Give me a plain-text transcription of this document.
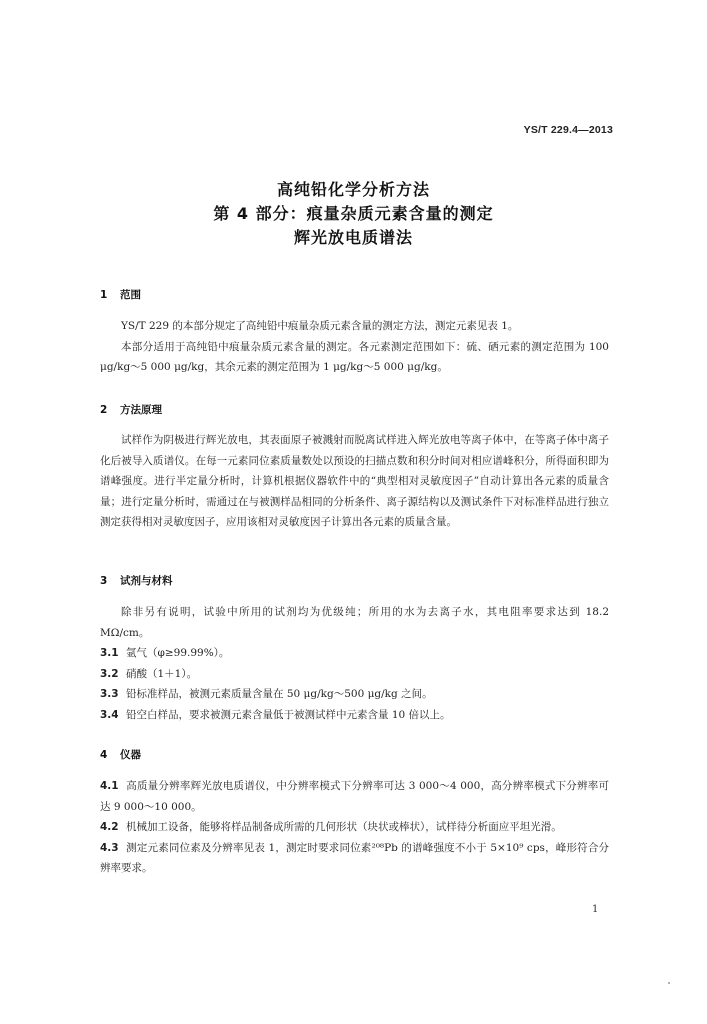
YS/T 229.4—2013
高纯铅化学分析方法
第 4 部分：痕量杂质元素含量的测定
辉光放电质谱法
1 范围

YS/T 229 的本部分规定了高纯铅中痕量杂质元素含量的测定方法，测定元素见表 1。

本部分适用于高纯铅中痕量杂质元素含量的测定。各元素测定范围如下：硫、硒元素的测定范围为 100 μg/kg～5 000 μg/kg，其余元素的测定范围为 1 μg/kg～5 000 μg/kg。

2 方法原理

试样作为阴极进行辉光放电，其表面原子被溅射而脱离试样进入辉光放电等离子体中，在等离子体中离子化后被导入质谱仪。在每一元素同位素质量数处以预设的扫描点数和积分时间对相应谱峰积分，所得面积即为谱峰强度。进行半定量分析时，计算机根据仪器软件中的“典型相对灵敏度因子”自动计算出各元素的质量含量；进行定量分析时，需通过在与被测样品相同的分析条件、离子源结构以及测试条件下对标准样品进行独立测定获得相对灵敏度因子，应用该相对灵敏度因子计算出各元素的质量含量。

3 试剂与材料

除非另有说明，试验中所用的试剂均为优级纯；所用的水为去离子水，其电阻率要求达到 18.2 MΩ/cm。

3.1 氩气（φ≥99.99%）。
3.2 硝酸（1＋1）。
3.3 铅标准样品，被测元素质量含量在 50 μg/kg～500 μg/kg 之间。
3.4 铅空白样品，要求被测元素含量低于被测试样中元素含量 10 倍以上。
4 仪器
4.1 高质量分辨率辉光放电质谱仪，中分辨率模式下分辨率可达 3 000～4 000，高分辨率模式下分辨率可达 9 000～10 000。
4.2 机械加工设备，能够将样品制备成所需的几何形状（块状或棒状），试样待分析面应平坦光滑。
4.3 测定元素同位素及分辨率见表 1，测定时要求同位素²⁰⁸Pb 的谱峰强度不小于 5×10⁹ cps，峰形符合分辨率要求。
1
